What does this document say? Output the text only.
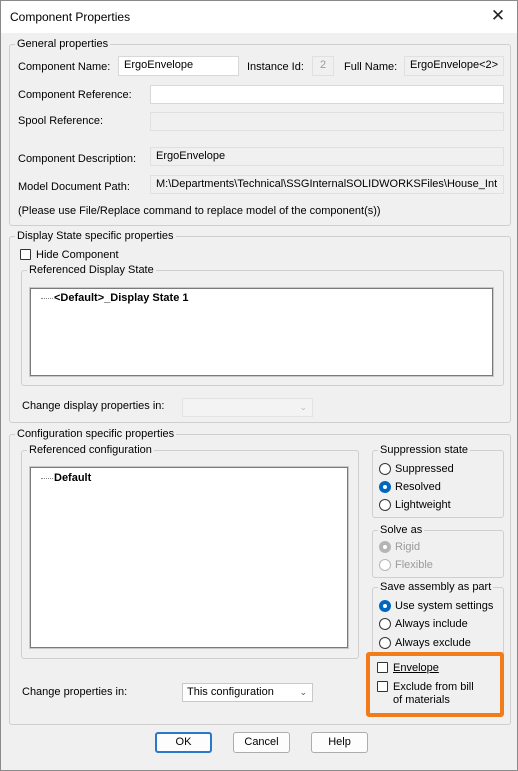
Component Properties	✕
General properties
Component Name:	ErgoEnvelope	Instance Id:	2	Full Name:	ErgoEnvelope<2>
Component Reference:
Spool Reference:
Component Description:	ErgoEnvelope
Model Document Path:	M:\Departments\Technical\SSGInternalSOLIDWORKSFiles\House_Int
(Please use File/Replace command to replace model of the component(s))
Display State specific properties
Hide Component
Referenced Display State
<Default>_Display State 1
Change display properties in:	⌄
Configuration specific properties
Referenced configuration
Default
Suppression state
Suppressed
Resolved
Lightweight
Solve as
Rigid
Flexible
Save assembly as part
Use system settings
Always include
Always exclude
Envelope
Exclude from bill
of materials
Change properties in:	This configuration	⌄
OK	Cancel	Help
